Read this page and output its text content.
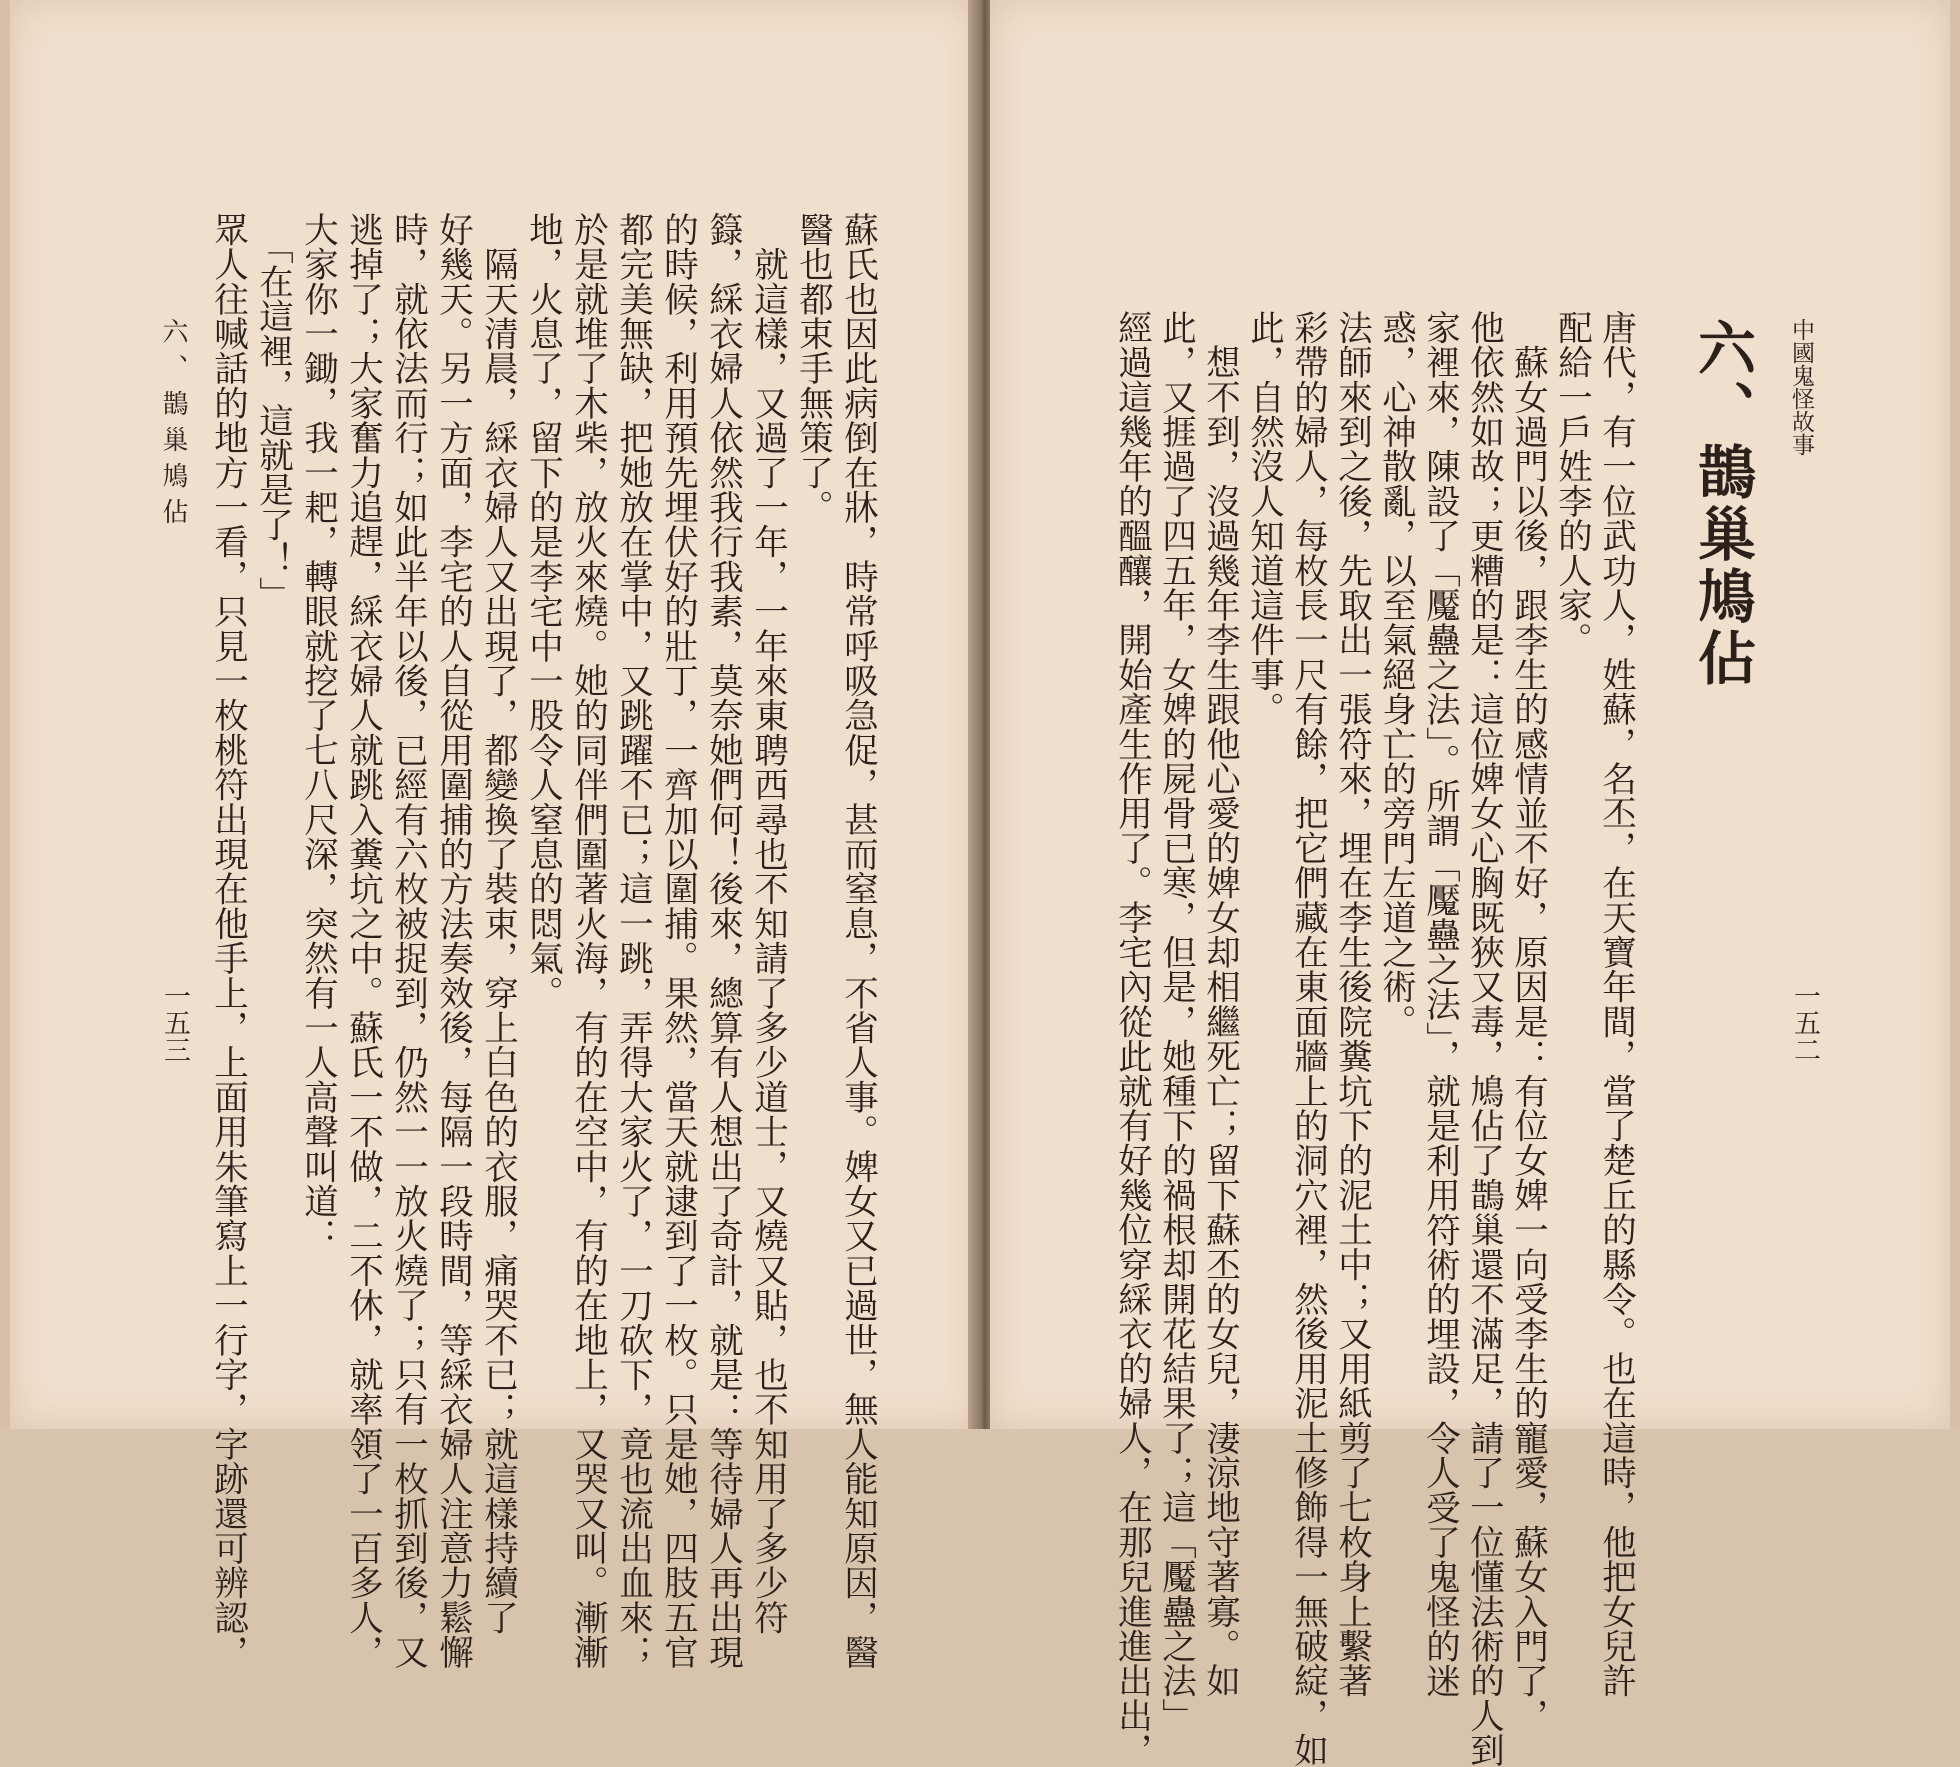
蘇氏也因此病倒在牀，時常呼吸急促，甚而窒息，不省人事。婢女又已過世，無人能知原因，醫
醫也都束手無策了。
　就這樣，又過了一年，一年來東聘西尋也不知請了多少道士，又燒又貼，也不知用了多少符
籙，綵衣婦人依然我行我素，莫奈她們何！後來，總算有人想出了奇計，就是：等待婦人再出現
的時候，利用預先埋伏好的壯丁，一齊加以圍捕。果然，當天就逮到了一枚。只是她，四肢五官
都完美無缺，把她放在掌中，又跳躍不已；這一跳，弄得大家火了，一刀砍下，竟也流出血來；
於是就堆了木柴，放火來燒。她的同伴們圍著火海，有的在空中，有的在地上，又哭又叫。漸漸
地，火息了，留下的是李宅中一股令人窒息的悶氣。
　隔天清晨，綵衣婦人又出現了，都變換了裝束，穿上白色的衣服，痛哭不已；就這樣持續了
好幾天。另一方面，李宅的人自從用圍捕的方法奏效後，每隔一段時間，等綵衣婦人注意力鬆懈
時，就依法而行；如此半年以後，已經有六枚被捉到，仍然一一放火燒了；只有一枚抓到後，又
逃掉了；大家奮力追趕，綵衣婦人就跳入糞坑之中。蘇氏一不做，二不休，就率領了一百多人，
大家你一鋤，我一耙，轉眼就挖了七八尺深，突然有一人高聲叫道：
　「在這裡，這就是了！」
眾人往喊話的地方一看，只見一枚桃符出現在他手上，上面用朱筆寫上一行字，字跡還可辨認，
六、鵲巢鳩佔
一五三
中國鬼怪故事
六、鵲巢鳩佔
唐代，有一位武功人，姓蘇，名丕，在天寶年間，當了楚丘的縣令。也在這時，他把女兒許
配給一戶姓李的人家。
　蘇女過門以後，跟李生的感情並不好，原因是：有位女婢一向受李生的寵愛，蘇女入門了，
他依然如故；更糟的是：這位婢女心胸既狹又毒，鳩佔了鵲巢還不滿足，請了一位懂法術的人到
家裡來，陳設了「魘蠱之法」。所謂「魘蠱之法」，就是利用符術的埋設，令人受了鬼怪的迷
惑，心神散亂，以至氣絕身亡的旁門左道之術。
法師來到之後，先取出一張符來，埋在李生後院糞坑下的泥土中；又用紙剪了七枚身上繫著
彩帶的婦人，每枚長一尺有餘，把它們藏在東面牆上的洞穴裡，然後用泥土修飾得一無破綻，如
此，自然沒人知道這件事。
　想不到，沒過幾年李生跟他心愛的婢女却相繼死亡；留下蘇丕的女兒，淒涼地守著寡。如
此，又捱過了四五年，女婢的屍骨已寒，但是，她種下的禍根却開花結果了；這「魘蠱之法」
經過這幾年的醞釀，開始產生作用了。李宅內從此就有好幾位穿綵衣的婦人，在那兒進進出出，	一五二
